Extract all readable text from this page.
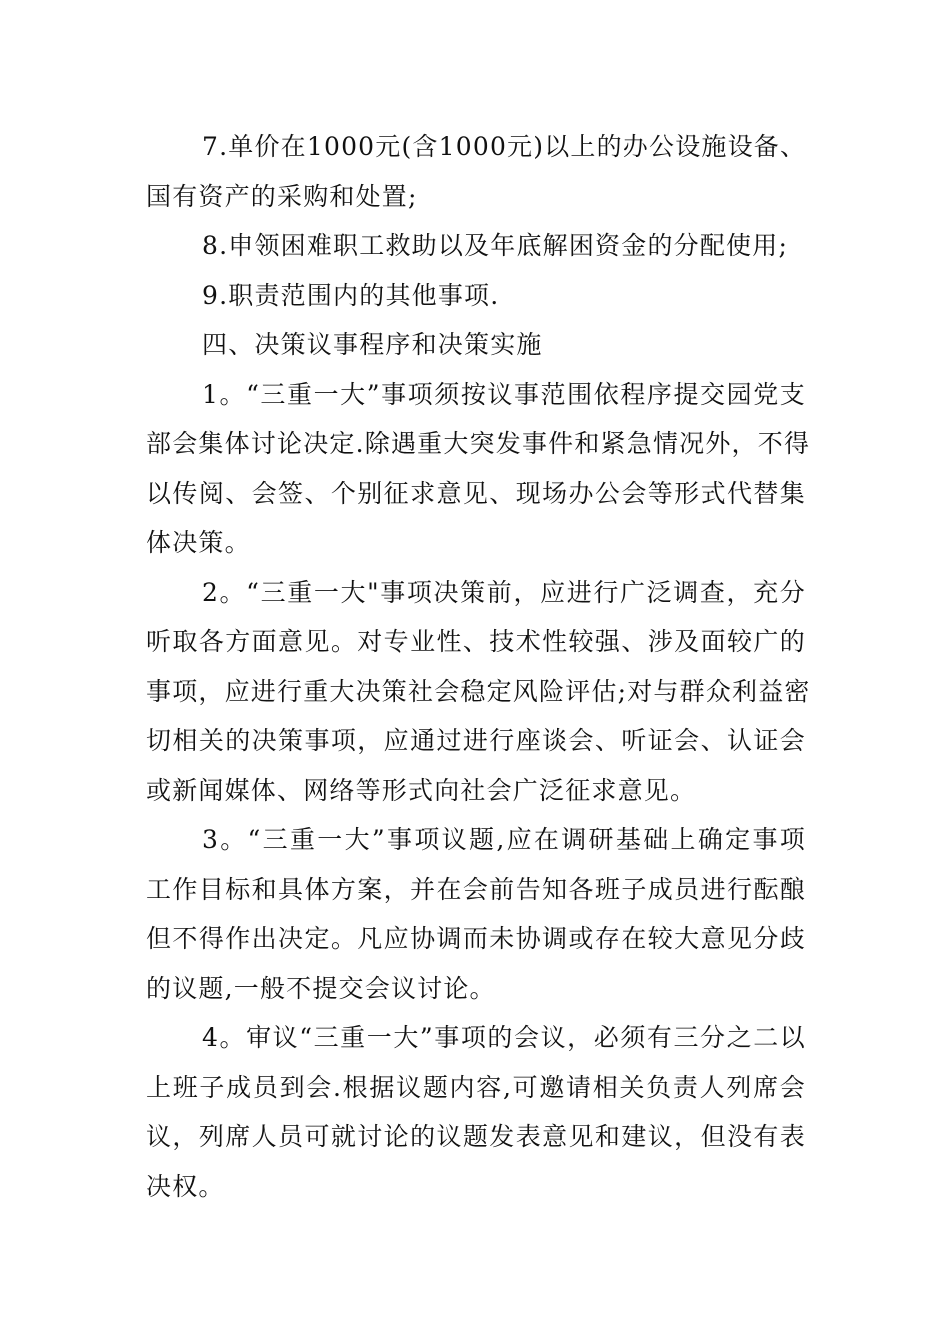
7.单价在1000元(含1000元)以上的办公设施设备、
国有资产的采购和处置;
8.申领困难职工救助以及年底解困资金的分配使用;
9.职责范围内的其他事项.
四、决策议事程序和决策实施
1。“三重一大”事项须按议事范围依程序提交园党支
部会集体讨论决定.除遇重大突发事件和紧急情况外，不得
以传阅、会签、个别征求意见、现场办公会等形式代替集
体决策。
2。“三重一大"事项决策前，应进行广泛调查，充分
听取各方面意见。对专业性、技术性较强、涉及面较广的
事项，应进行重大决策社会稳定风险评估;对与群众利益密
切相关的决策事项，应通过进行座谈会、听证会、认证会
或新闻媒体、网络等形式向社会广泛征求意见。
3。“三重一大”事项议题,应在调研基础上确定事项
工作目标和具体方案，并在会前告知各班子成员进行酝酿
但不得作出决定。凡应协调而未协调或存在较大意见分歧
的议题,一般不提交会议讨论。
4。审议“三重一大”事项的会议，必须有三分之二以
上班子成员到会.根据议题内容,可邀请相关负责人列席会
议，列席人员可就讨论的议题发表意见和建议，但没有表
决权。
